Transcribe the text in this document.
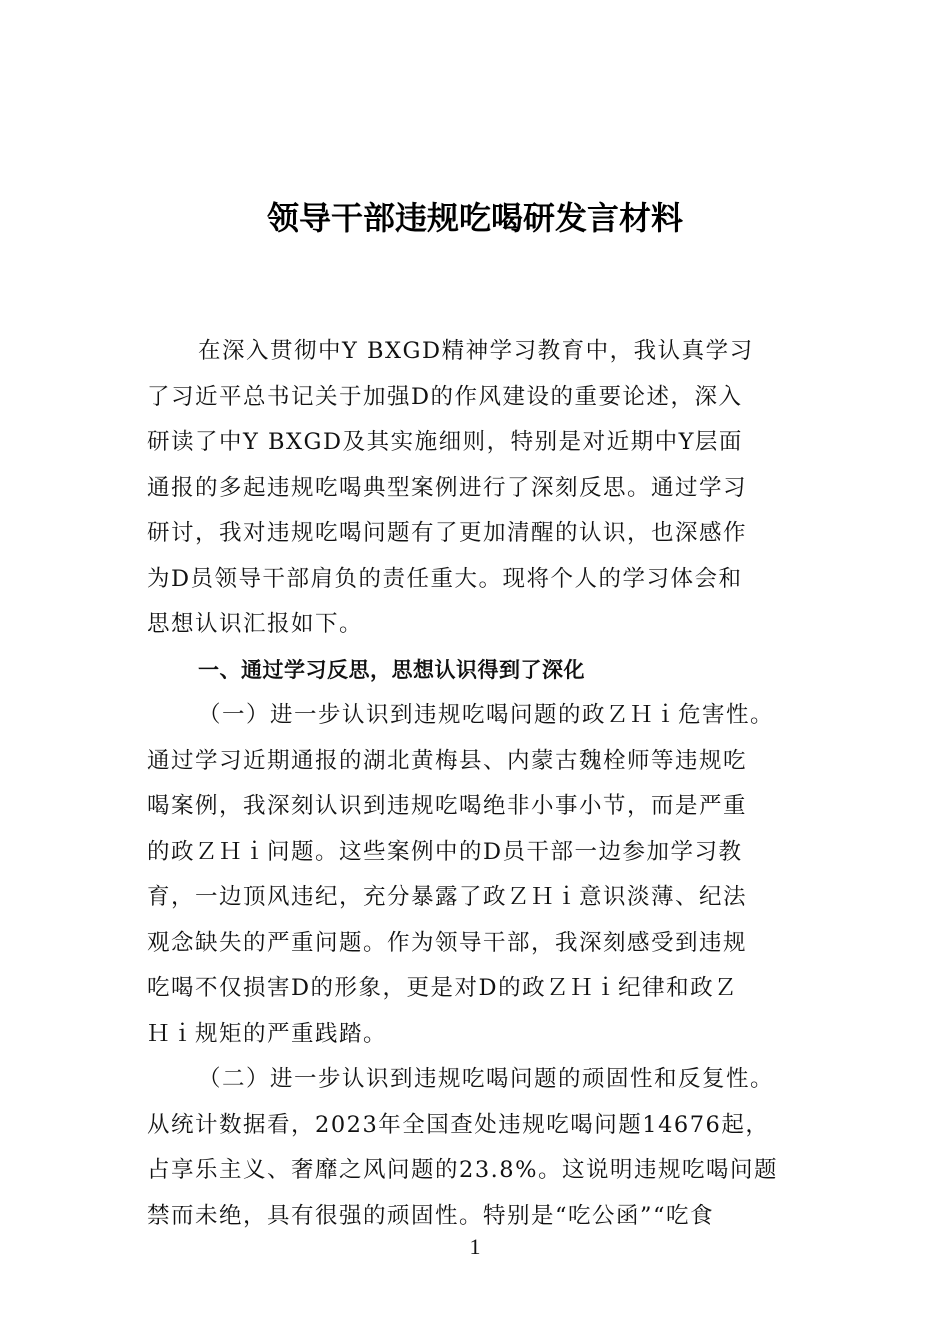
领导干部违规吃喝研发言材料
在深入贯彻中Y BXGD精神学习教育中，我认真学习
了习近平总书记关于加强D的作风建设的重要论述，深入
研读了中Y BXGD及其实施细则，特别是对近期中Y层面
通报的多起违规吃喝典型案例进行了深刻反思。通过学习
研讨，我对违规吃喝问题有了更加清醒的认识，也深感作
为D员领导干部肩负的责任重大。现将个人的学习体会和
思想认识汇报如下。
一、通过学习反思，思想认识得到了深化
（一）进一步认识到违规吃喝问题的政ＺＨｉ危害性。
通过学习近期通报的湖北黄梅县、内蒙古魏栓师等违规吃
喝案例，我深刻认识到违规吃喝绝非小事小节，而是严重
的政ＺＨｉ问题。这些案例中的D员干部一边参加学习教
育，一边顶风违纪，充分暴露了政ＺＨｉ意识淡薄、纪法
观念缺失的严重问题。作为领导干部，我深刻感受到违规
吃喝不仅损害D的形象，更是对D的政ＺＨｉ纪律和政Ｚ
Ｈｉ规矩的严重践踏。
（二）进一步认识到违规吃喝问题的顽固性和反复性。
从统计数据看，2023年全国查处违规吃喝问题14676起，
占享乐主义、奢靡之风问题的23.8%。这说明违规吃喝问题
禁而未绝，具有很强的顽固性。特别是“吃公函”“吃食
1
